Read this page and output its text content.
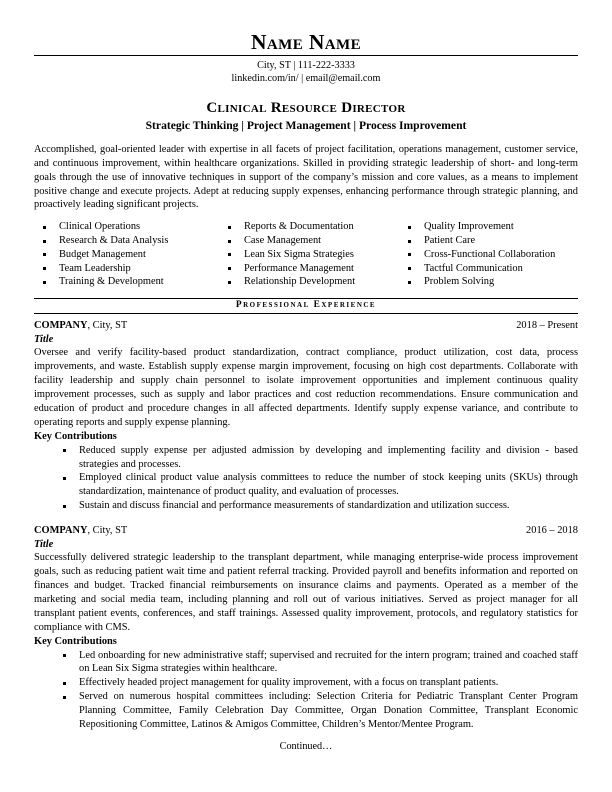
Name Name
City, ST | 111-222-3333
linkedin.com/in/ | email@email.com
Clinical Resource Director
Strategic Thinking | Project Management | Process Improvement
Accomplished, goal-oriented leader with expertise in all facets of project facilitation, operations management, customer service, and continuous improvement, within healthcare organizations. Skilled in providing strategic leadership of short- and long-term goals through the use of innovative techniques in support of the company’s mission and core values, as a means to implement positive change and execute projects. Adept at reducing supply expenses, enhancing performance through strategic planning, and proactively leading significant projects.
Clinical Operations
Research & Data Analysis
Budget Management
Team Leadership
Training & Development
Reports & Documentation
Case Management
Lean Six Sigma Strategies
Performance Management
Relationship Development
Quality Improvement
Patient Care
Cross-Functional Collaboration
Tactful Communication
Problem Solving
Professional Experience
COMPANY, City, ST	2018 – Present
Title
Oversee and verify facility-based product standardization, contract compliance, product utilization, cost data, process improvements, and waste. Establish supply expense margin improvement, focusing on high cost departments. Collaborate with facility leadership and supply chain personnel to isolate improvement opportunities and implement continuous quality improvement processes, such as supply and labor practices and cost reduction recommendations. Ensure communication and education of product and procedure changes in all affected departments. Identify supply expense variance, and contribute to operating reports and supply expense planning.
Key Contributions
Reduced supply expense per adjusted admission by developing and implementing facility and division - based strategies and processes.
Employed clinical product value analysis committees to reduce the number of stock keeping units (SKUs) through standardization, maintenance of product quality, and evaluation of processes.
Sustain and discuss financial and performance measurements of standardization and utilization success.
COMPANY, City, ST	2016 – 2018
Title
Successfully delivered strategic leadership to the transplant department, while managing enterprise-wide process improvement goals, such as reducing patient wait time and patient referral tracking. Provided payroll and benefits information and reported on finances and budget. Tracked financial reimbursements on insurance claims and payments. Operated as a member of the marketing and social media team, including planning and roll out of various initiatives. Served as project manager for all transplant patient events, conferences, and staff trainings. Assessed quality improvement, protocols, and regulatory statistics for compliance with CMS.
Key Contributions
Led onboarding for new administrative staff; supervised and recruited for the intern program; trained and coached staff on Lean Six Sigma strategies within healthcare.
Effectively headed project management for quality improvement, with a focus on transplant patients.
Served on numerous hospital committees including: Selection Criteria for Pediatric Transplant Center Program Planning Committee, Family Celebration Day Committee, Organ Donation Committee, Transplant Economic Repositioning Committee, Latinos & Amigos Committee, Children’s Mentor/Mentee Program.
Continued…
